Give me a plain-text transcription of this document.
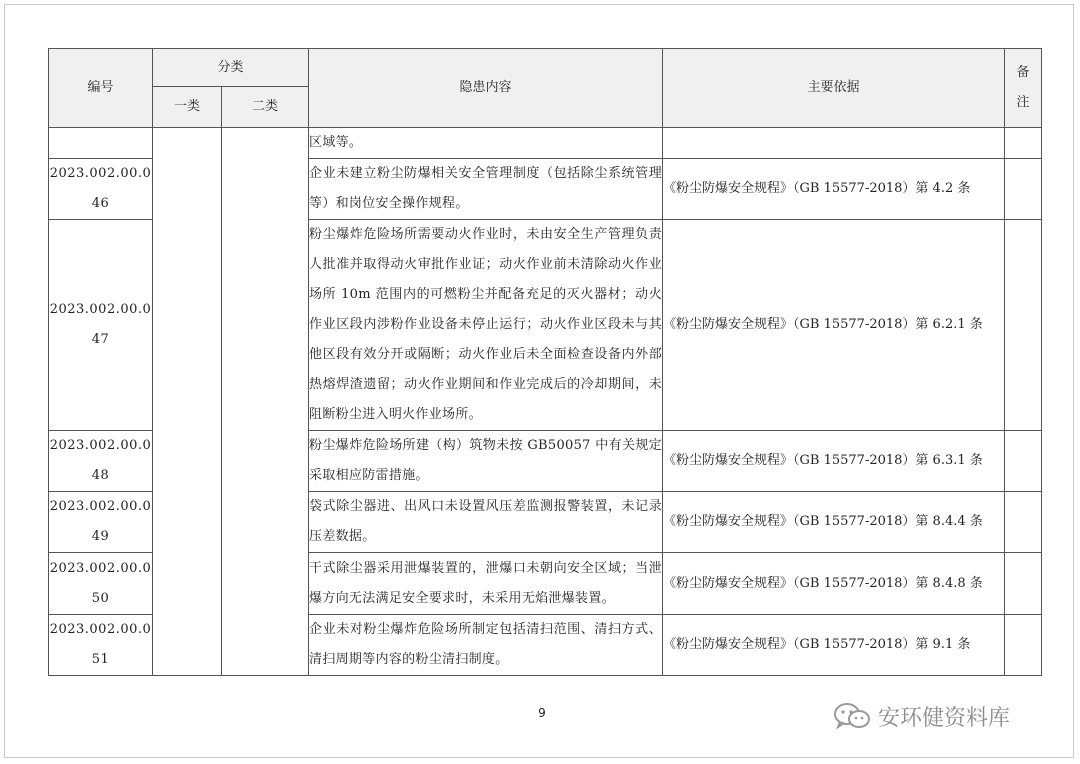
编号	分类		隐患内容	主要依据	备
注

	一类	二类			
			区域等。		

2023.002.00.0
46			企业未建立粉尘防爆相关安全管理制度（包括除尘系统管理等）和岗位安全操作规程。	《粉尘防爆安全规程》（GB 15577-2018）第 4.2 条	

2023.002.00.0
47			粉尘爆炸危险场所需要动火作业时，未由安全生产管理负责人批准并取得动火审批作业证；动火作业前未清除动火作业场所 10m 范围内的可燃粉尘并配备充足的灭火器材；动火作业区段内涉粉作业设备未停止运行；动火作业区段未与其他区段有效分开或隔断；动火作业后未全面检查设备内外部热熔焊渣遗留；动火作业期间和作业完成后的冷却期间，未阻断粉尘进入明火作业场所。	《粉尘防爆安全规程》（GB 15577-2018）第 6.2.1 条	

2023.002.00.0
48			粉尘爆炸危险场所建（构）筑物未按 GB50057 中有关规定采取相应防雷措施。	《粉尘防爆安全规程》（GB 15577-2018）第 6.3.1 条	

2023.002.00.0
49			袋式除尘器进、出风口未设置风压差监测报警装置，未记录压差数据。	《粉尘防爆安全规程》（GB 15577-2018）第 8.4.4 条	

2023.002.00.0
50			干式除尘器采用泄爆装置的，泄爆口未朝向安全区域；当泄爆方向无法满足安全要求时，未采用无焰泄爆装置。	《粉尘防爆安全规程》（GB 15577-2018）第 8.4.8 条	

2023.002.00.0
51			企业未对粉尘爆炸危险场所制定包括清扫范围、清扫方式、清扫周期等内容的粉尘清扫制度。	《粉尘防爆安全规程》（GB 15577-2018）第 9.1 条	
9	安环健资料库
